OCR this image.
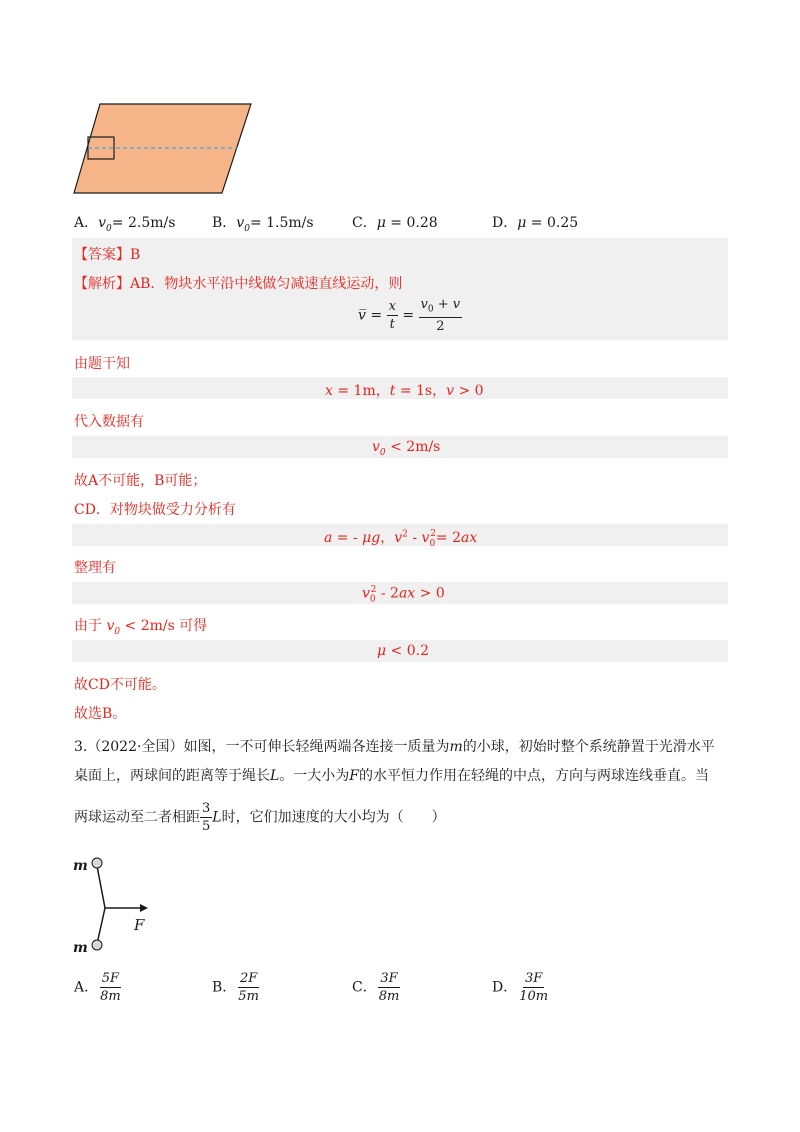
A．$v_0= 2.5m/s$	B．$v_0= 1.5m/s$	C．μ = 0.28	D．μ = 0.25
【答案】B
【解析】AB．物块水平沿中线做匀减速直线运动，则
v̅ = $\frac{x}{t} = \frac{v_0 + v}{2}$
由题干知
x = 1m，t = 1s，v > 0
代入数据有
$v_0 < 2m/s$
故A不可能，B可能；
CD．对物块做受力分析有
a = - μg，$v^2 - v_0^2= 2ax$
整理有
$v_0^2 - 2ax > 0$
由于 $v_0 < 2m/s$ 可得
μ < 0.2
故CD不可能。
故选B。
3.（2022·全国）如图，一不可伸长轻绳两端各连接一质量为m的小球，初始时整个系统静置于光滑水平
桌面上，两球间的距离等于绳长L。一大小为F的水平恒力作用在轻绳的中点，方向与两球连线垂直。当
两球运动至二者相距 $\frac{3}{5}$ L时，它们加速度的大小均为（　　）
m
m
F
A． $\frac{5F}{8m}$	B． $\frac{2F}{5m}$	C． $\frac{3F}{8m}$	D． $\frac{3F}{10m}$
